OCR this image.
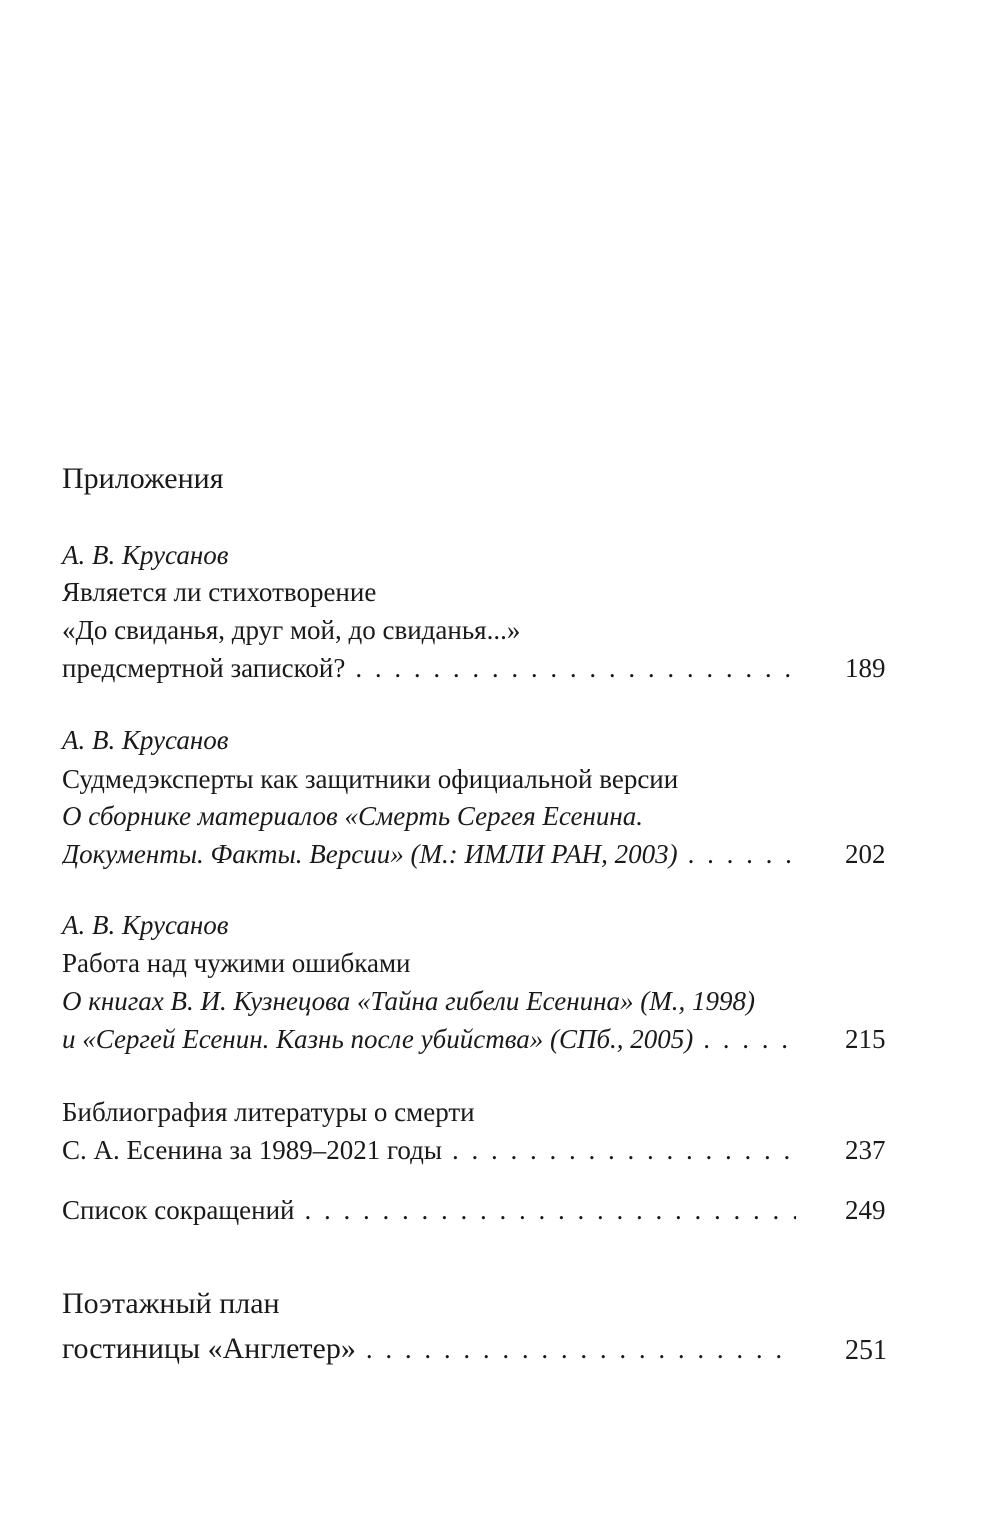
Приложения
А. В. Крусанов
Является ли стихотворение
«До свиданья, друг мой, до свиданья...»
предсмертной запиской? . . .	189
А. В. Крусанов
Судмедэксперты как защитники официальной версии
О сборнике материалов «Смерть Сергея Есенина.
Документы. Факты. Версии» (М.: ИМЛИ РАН, 2003) . . .	202
А. В. Крусанов
Работа над чужими ошибками
О книгах В. И. Кузнецова «Тайна гибели Есенина» (М., 1998)
и «Сергей Есенин. Казнь после убийства» (СПб., 2005) . . .	215
Библиография литературы о смерти
С. А. Есенина за 1989–2021 годы . . .	237
Список сокращений . . .	249
Поэтажный план
гостиницы «Англетер» . . .	251
